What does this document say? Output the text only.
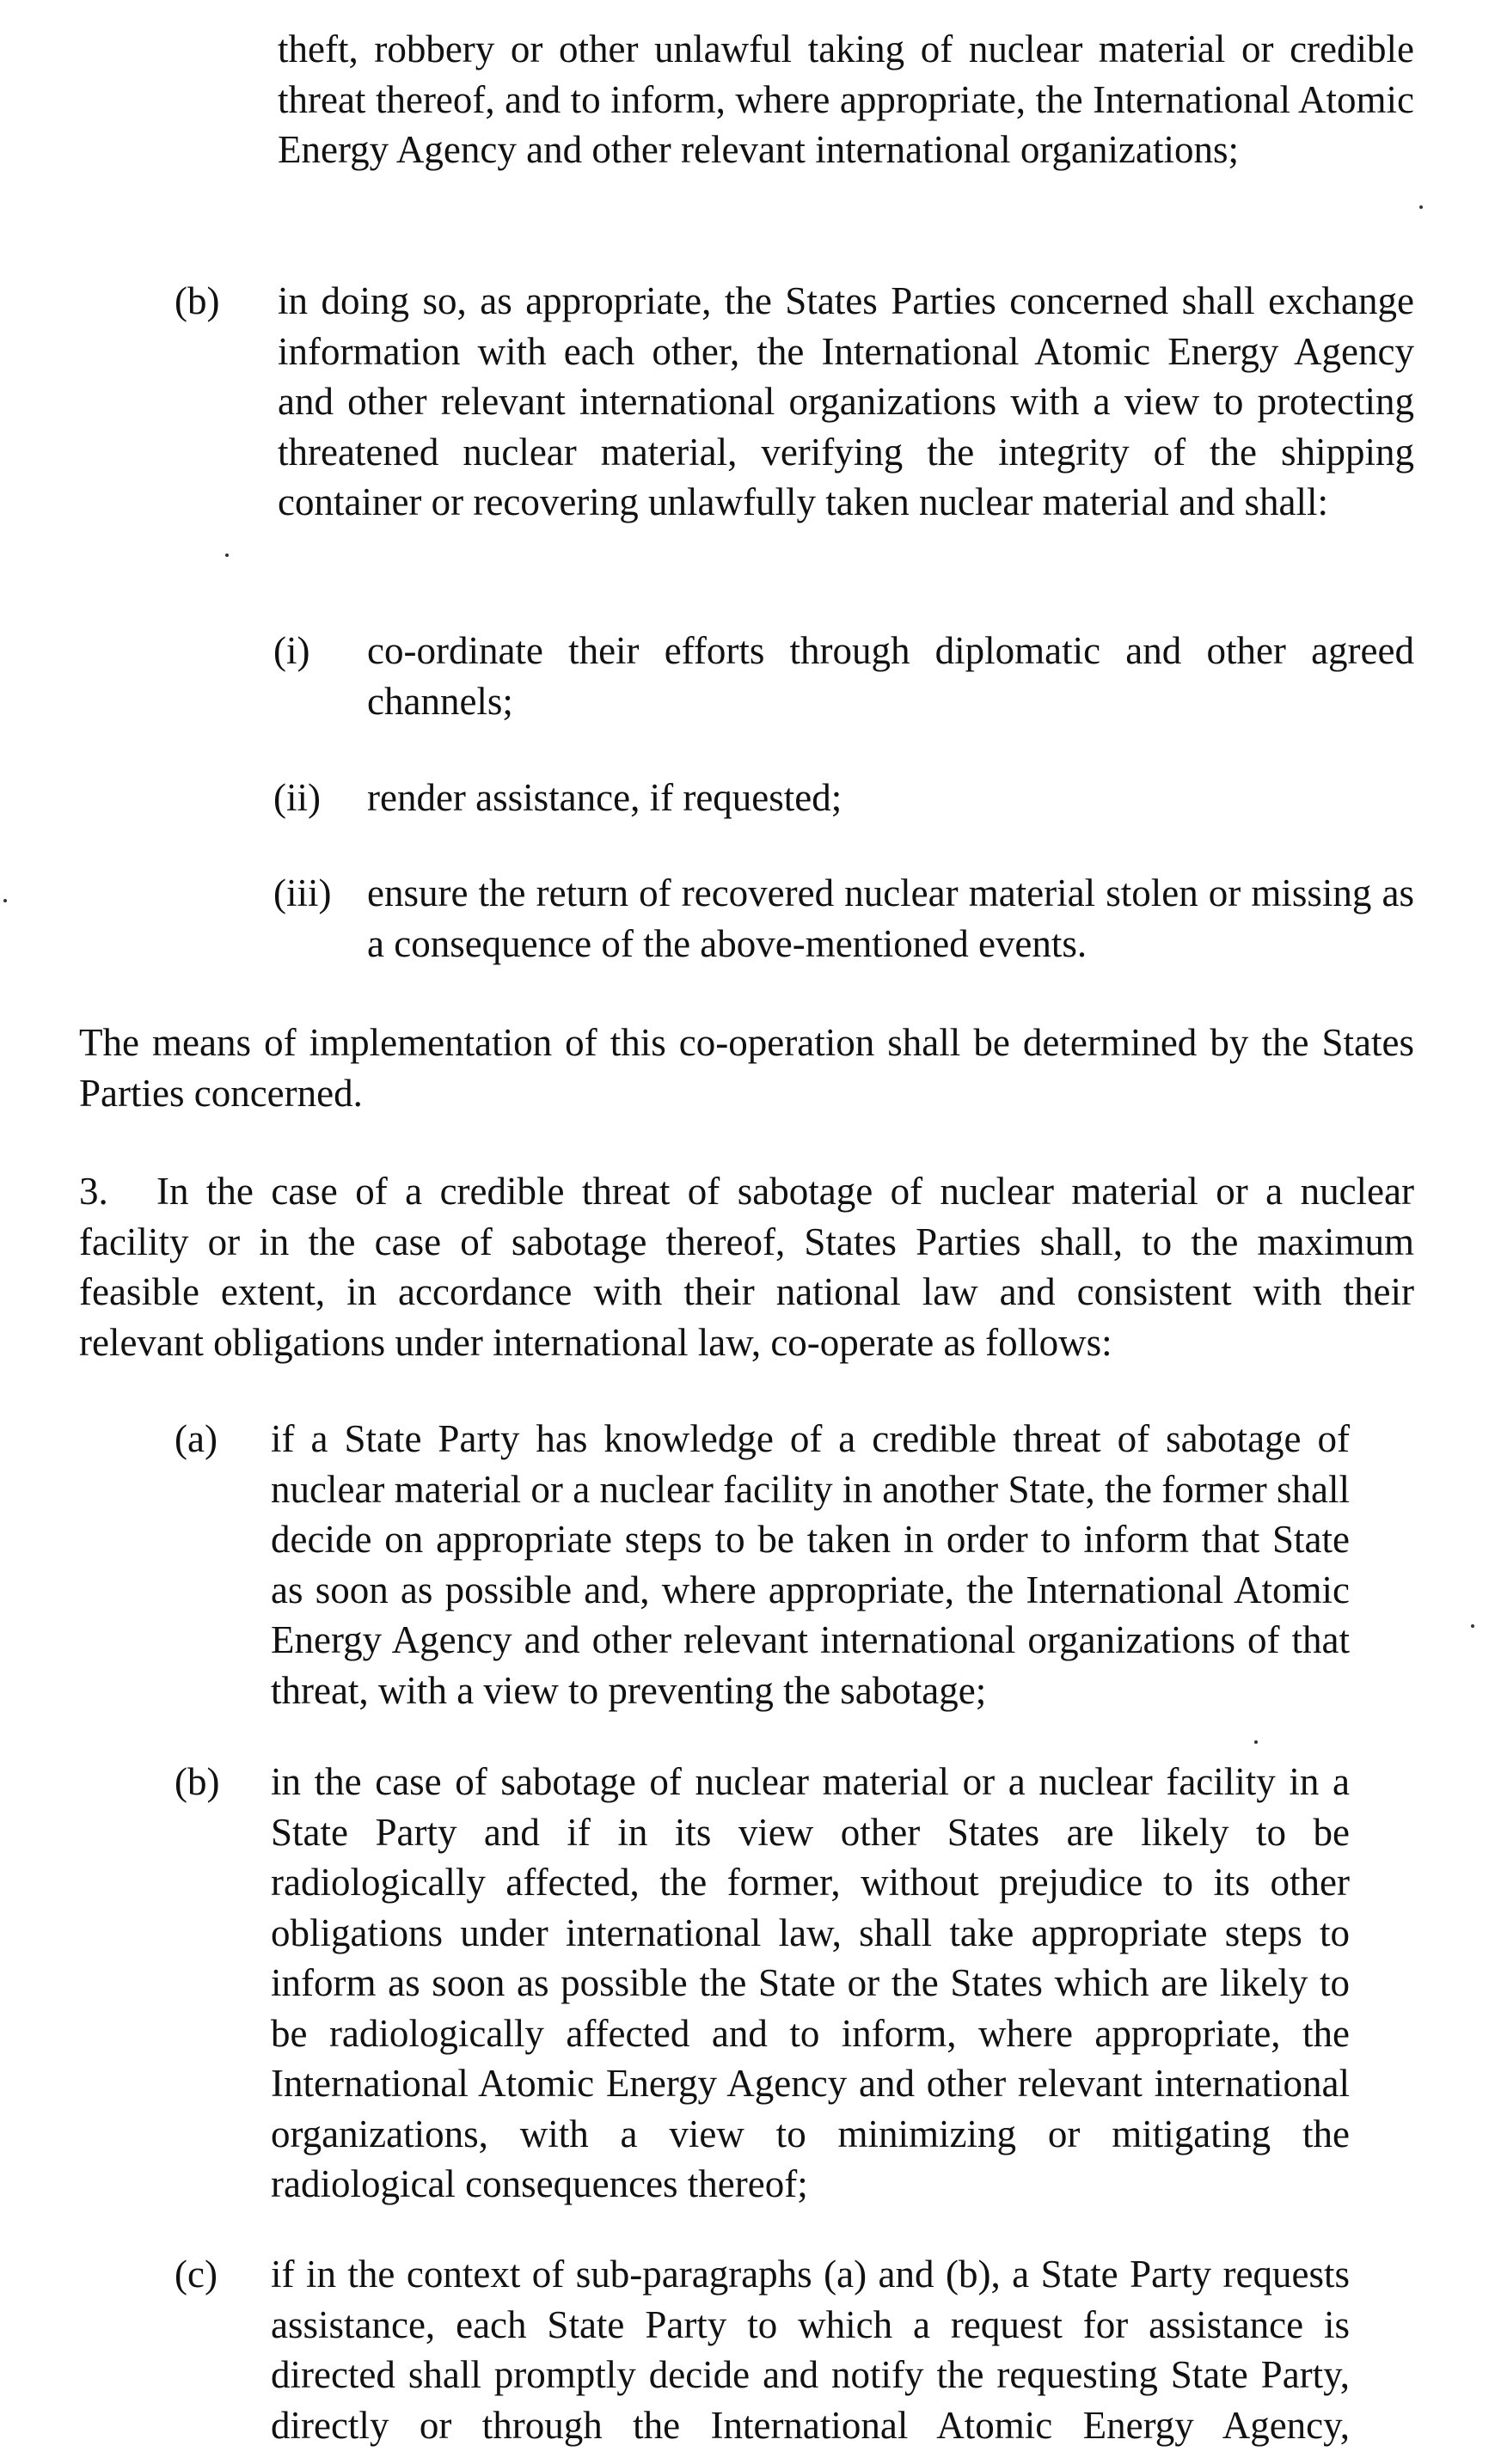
theft, robbery or other unlawful taking of nuclear material or credible threat thereof, and to inform, where appropriate, the International Atomic Energy Agency and other relevant international organizations;

(b) in doing so, as appropriate, the States Parties concerned shall exchange information with each other, the International Atomic Energy Agency and other relevant international organizations with a view to protecting threatened nuclear material, verifying the integrity of the shipping container or recovering unlawfully taken nuclear material and shall:

(i) co-ordinate their efforts through diplomatic and other agreed channels;

(ii) render assistance, if requested;

(iii) ensure the return of recovered nuclear material stolen or missing as a consequence of the above-mentioned events.

The means of implementation of this co-operation shall be determined by the States Parties concerned.

3.	In the case of a credible threat of sabotage of nuclear material or a nuclear facility or in the case of sabotage thereof, States Parties shall, to the maximum feasible extent, in accordance with their national law and consistent with their relevant obligations under international law, co-operate as follows:

(a) if a State Party has knowledge of a credible threat of sabotage of nuclear material or a nuclear facility in another State, the former shall decide on appropriate steps to be taken in order to inform that State as soon as possible and, where appropriate, the International Atomic Energy Agency and other relevant international organizations of that threat, with a view to preventing the sabotage;

(b) in the case of sabotage of nuclear material or a nuclear facility in a State Party and if in its view other States are likely to be radiologically affected, the former, without prejudice to its other obligations under international law, shall take appropriate steps to inform as soon as possible the State or the States which are likely to be radiologically affected and to inform, where appropriate, the International Atomic Energy Agency and other relevant international organizations, with a view to minimizing or mitigating the radiological consequences thereof;

(c) if in the context of sub-paragraphs (a) and (b), a State Party requests assistance, each State Party to which a request for assistance is directed shall promptly decide and notify the requesting State Party, directly or through the International Atomic Energy Agency,
